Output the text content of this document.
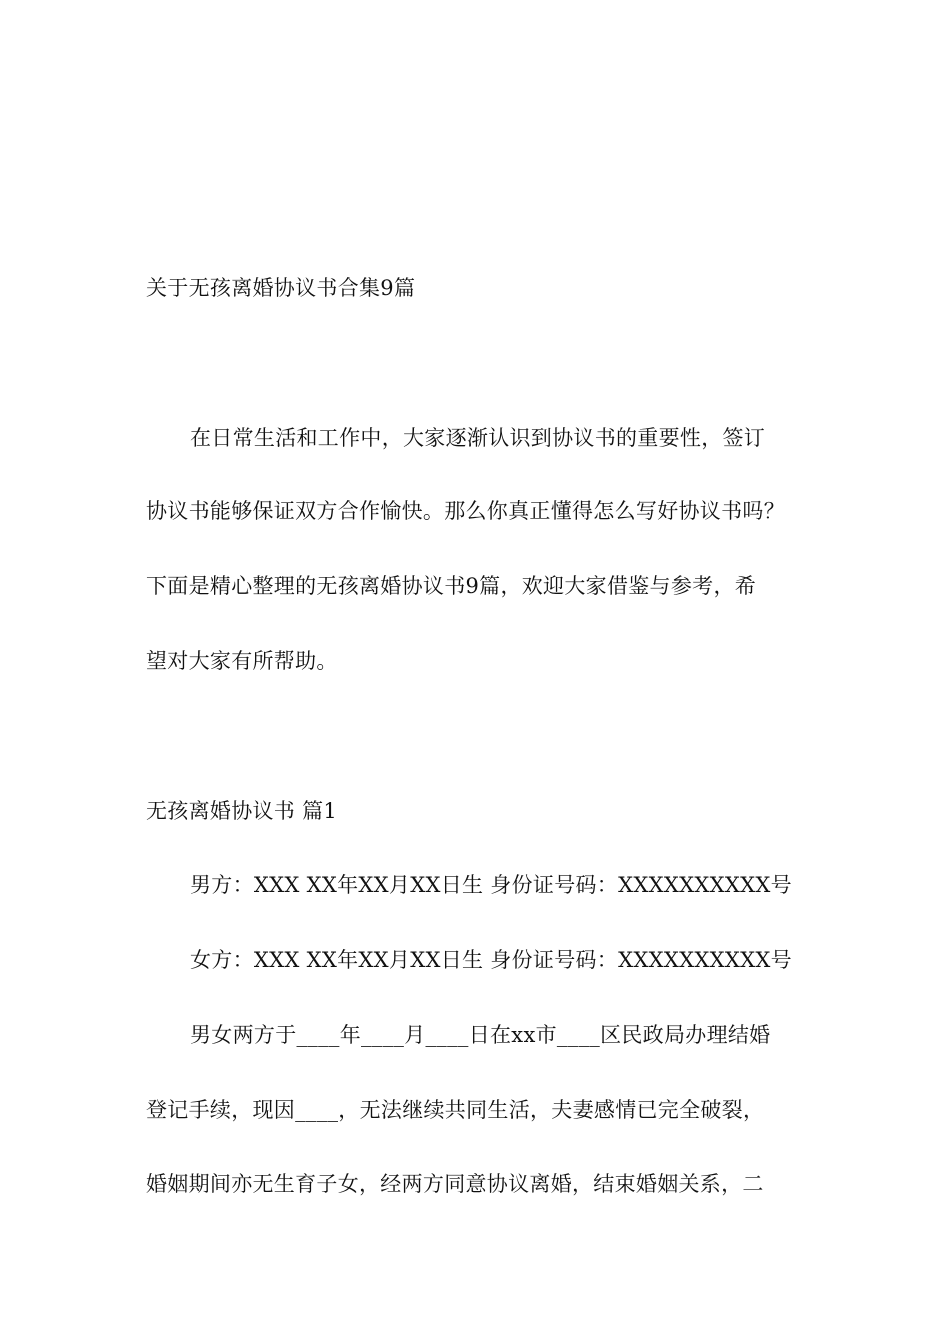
关于无孩离婚协议书合集9篇
在日常生活和工作中，大家逐渐认识到协议书的重要性，签订
协议书能够保证双方合作愉快。那么你真正懂得怎么写好协议书吗？
下面是精心整理的无孩离婚协议书9篇，欢迎大家借鉴与参考，希
望对大家有所帮助。
无孩离婚协议书 篇1
男方：XXX XX年XX月XX日生 身份证号码：XXXXXXXXXX号
女方：XXX XX年XX月XX日生 身份证号码：XXXXXXXXXX号
男女两方于____年____月____日在xx市____区民政局办理结婚
登记手续，现因____，无法继续共同生活，夫妻感情已完全破裂，
婚姻期间亦无生育子女，经两方同意协议离婚，结束婚姻关系，二
